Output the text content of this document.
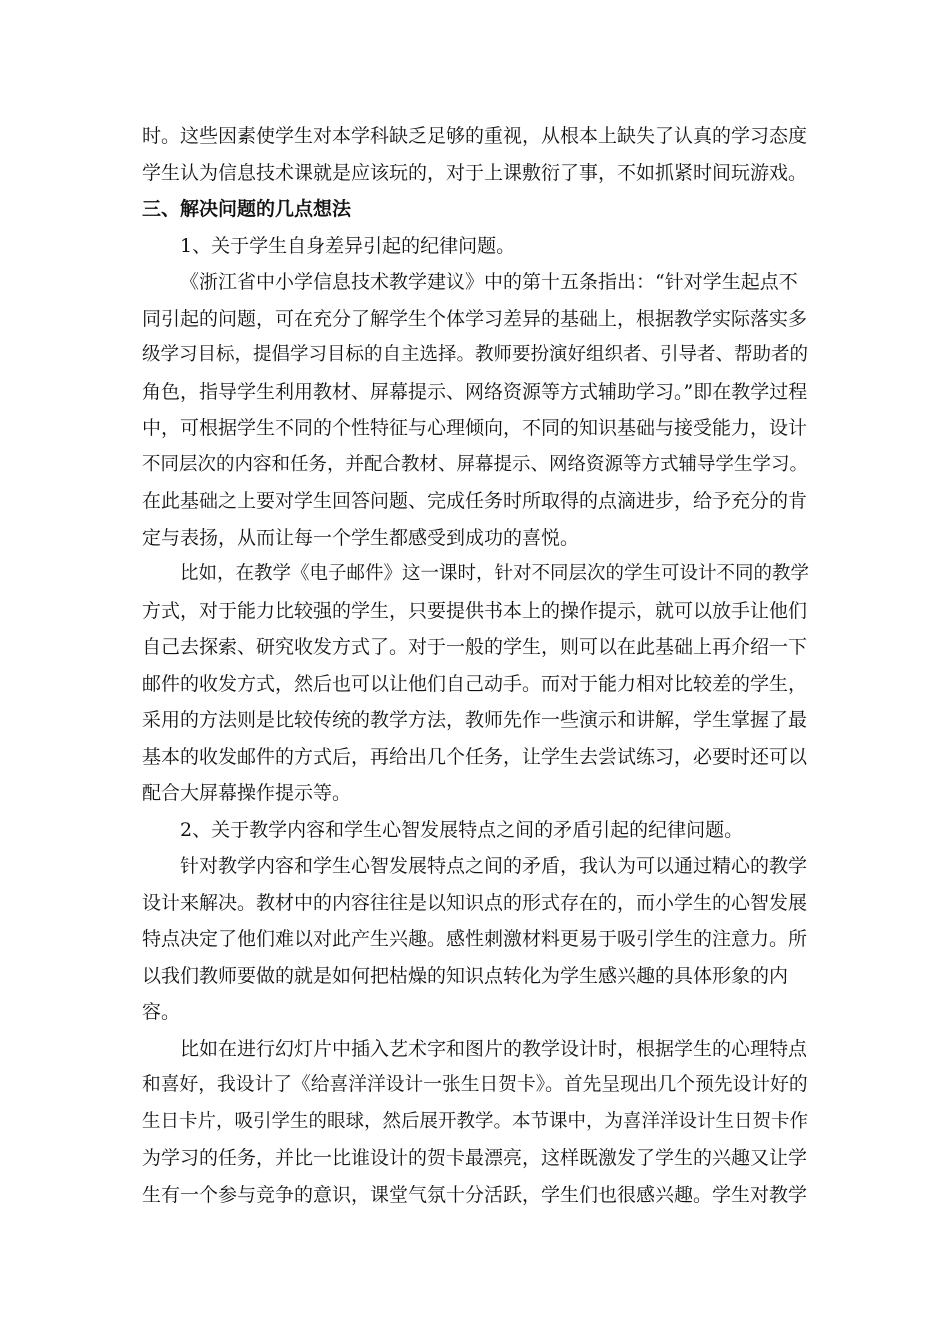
时。这些因素使学生对本学科缺乏足够的重视，从根本上缺失了认真的学习态度
学生认为信息技术课就是应该玩的，对于上课敷衍了事，不如抓紧时间玩游戏。
三、解决问题的几点想法
1、关于学生自身差异引起的纪律问题。
《浙江省中小学信息技术教学建议》中的第十五条指出：“针对学生起点不
同引起的问题，可在充分了解学生个体学习差异的基础上，根据教学实际落实多
级学习目标，提倡学习目标的自主选择。教师要扮演好组织者、引导者、帮助者的
角色，指导学生利用教材、屏幕提示、网络资源等方式辅助学习。”即在教学过程
中，可根据学生不同的个性特征与心理倾向，不同的知识基础与接受能力，设计
不同层次的内容和任务，并配合教材、屏幕提示、网络资源等方式辅导学生学习。
在此基础之上要对学生回答问题、完成任务时所取得的点滴进步，给予充分的肯
定与表扬，从而让每一个学生都感受到成功的喜悦。
比如，在教学《电子邮件》这一课时，针对不同层次的学生可设计不同的教学
方式，对于能力比较强的学生，只要提供书本上的操作提示，就可以放手让他们
自己去探索、研究收发方式了。对于一般的学生，则可以在此基础上再介绍一下
邮件的收发方式，然后也可以让他们自己动手。而对于能力相对比较差的学生，
采用的方法则是比较传统的教学方法，教师先作一些演示和讲解，学生掌握了最
基本的收发邮件的方式后，再给出几个任务，让学生去尝试练习，必要时还可以
配合大屏幕操作提示等。
2、关于教学内容和学生心智发展特点之间的矛盾引起的纪律问题。
针对教学内容和学生心智发展特点之间的矛盾，我认为可以通过精心的教学
设计来解决。教材中的内容往往是以知识点的形式存在的，而小学生的心智发展
特点决定了他们难以对此产生兴趣。感性刺激材料更易于吸引学生的注意力。所
以我们教师要做的就是如何把枯燥的知识点转化为学生感兴趣的具体形象的内
容。
比如在进行幻灯片中插入艺术字和图片的教学设计时，根据学生的心理特点
和喜好，我设计了《给喜洋洋设计一张生日贺卡》。首先呈现出几个预先设计好的
生日卡片，吸引学生的眼球，然后展开教学。本节课中，为喜洋洋设计生日贺卡作
为学习的任务，并比一比谁设计的贺卡最漂亮，这样既激发了学生的兴趣又让学
生有一个参与竞争的意识，课堂气氛十分活跃，学生们也很感兴趣。学生对教学
